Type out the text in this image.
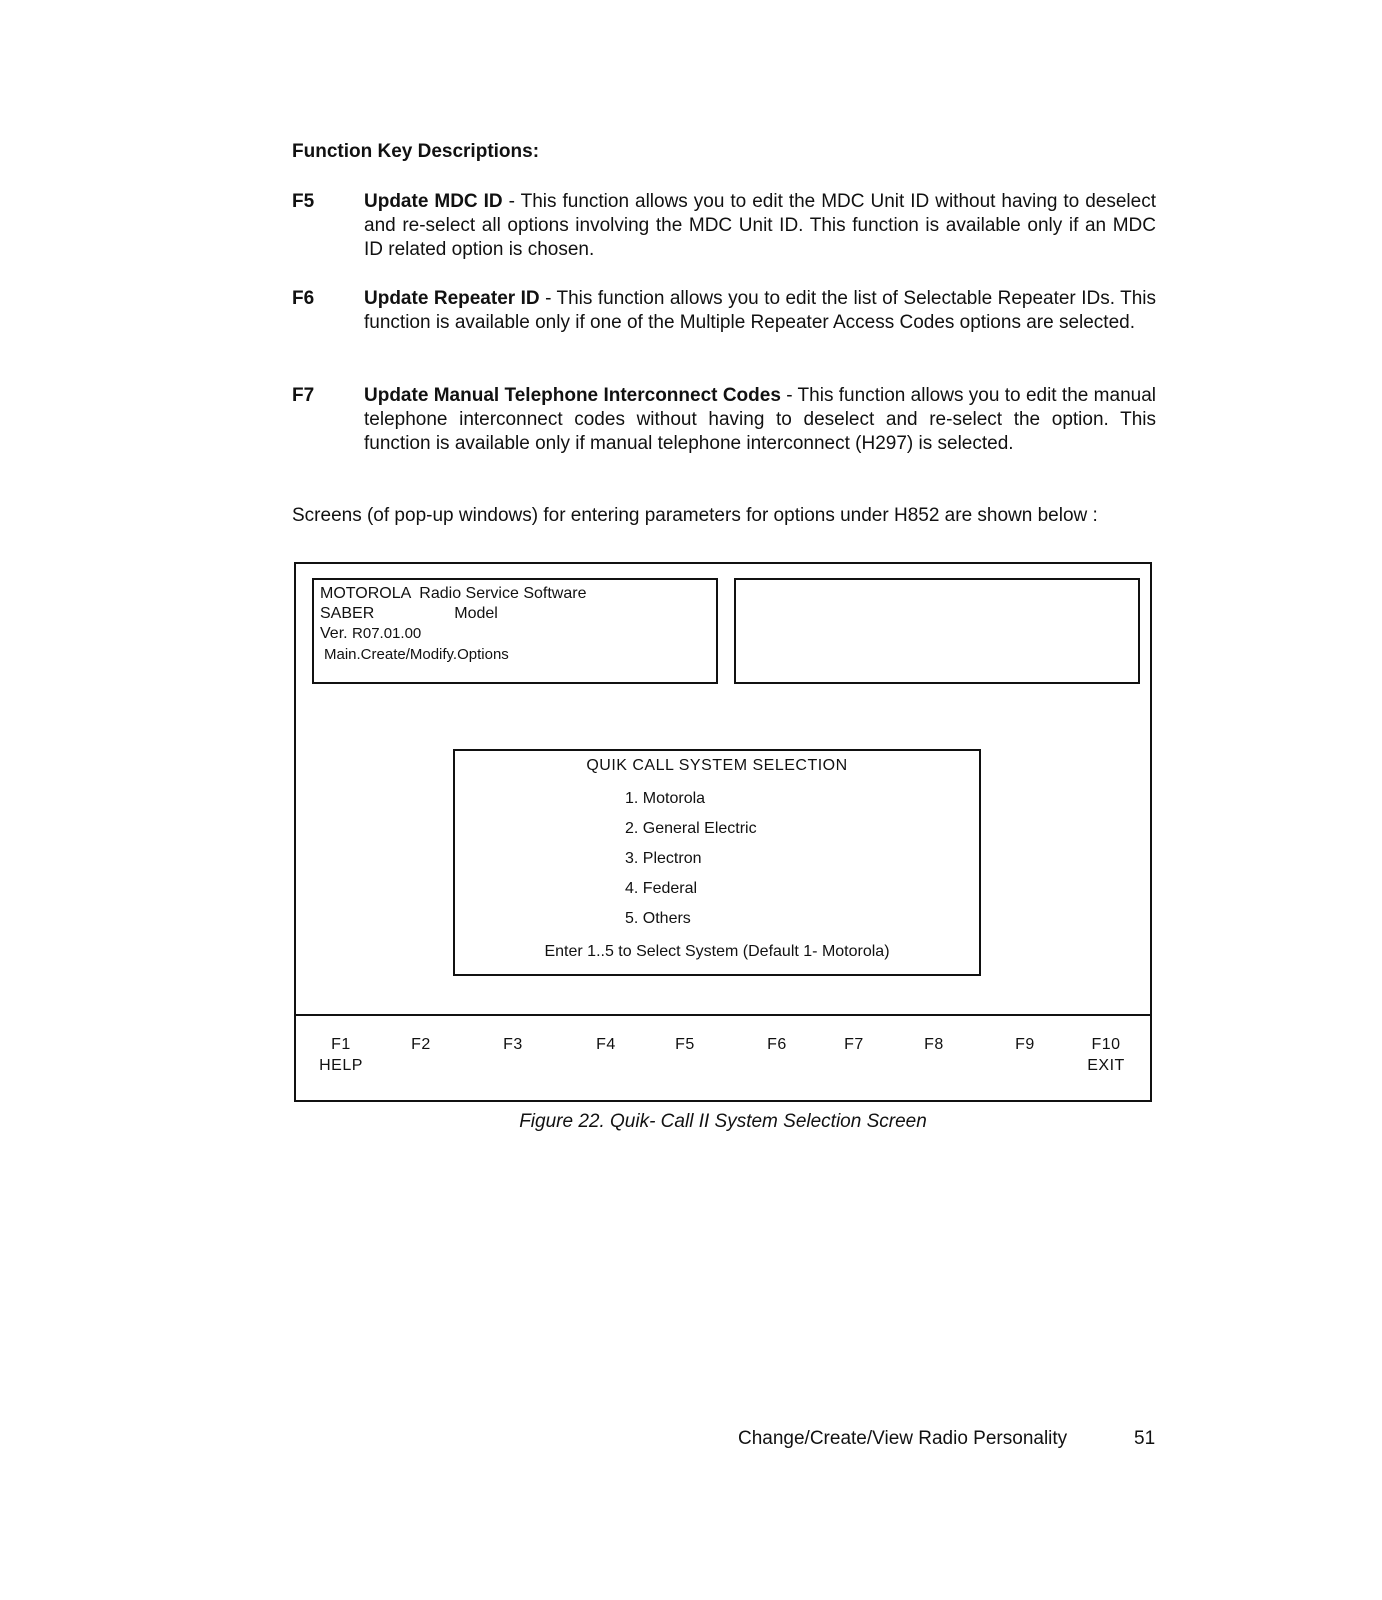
Function Key Descriptions:
F5	Update MDC ID - This function allows you to edit the MDC Unit ID without having to deselect and re-select all options involving the MDC Unit ID. This function is available only if an MDC ID related option is chosen.

F6	Update Repeater ID - This function allows you to edit the list of Selectable Repeater IDs. This function is available only if one of the Multiple Repeater Access Codes options are selected.

F7	Update Manual Telephone Interconnect Codes - This function allows you to edit the manual telephone interconnect codes without having to deselect and re-select the option. This function is available only if manual telephone interconnect (H297) is selected.

Screens (of pop-up windows) for entering parameters for options under H852 are shown below :

MOTOROLA  Radio Service Software
SABER                  Model
Ver. R07.01.00
Main.Create/Modify.Options
QUIK CALL SYSTEM SELECTION
1. Motorola
2. General Electric
3. Plectron
4. Federal
5. Others
Enter 1..5 to Select System (Default 1- Motorola)
F1
HELP
F2	F3	F4	F5	F6	F7	F8	F9	F10
EXIT

Figure 22. Quik- Call II System Selection Screen

Change/Create/View Radio Personality	51
